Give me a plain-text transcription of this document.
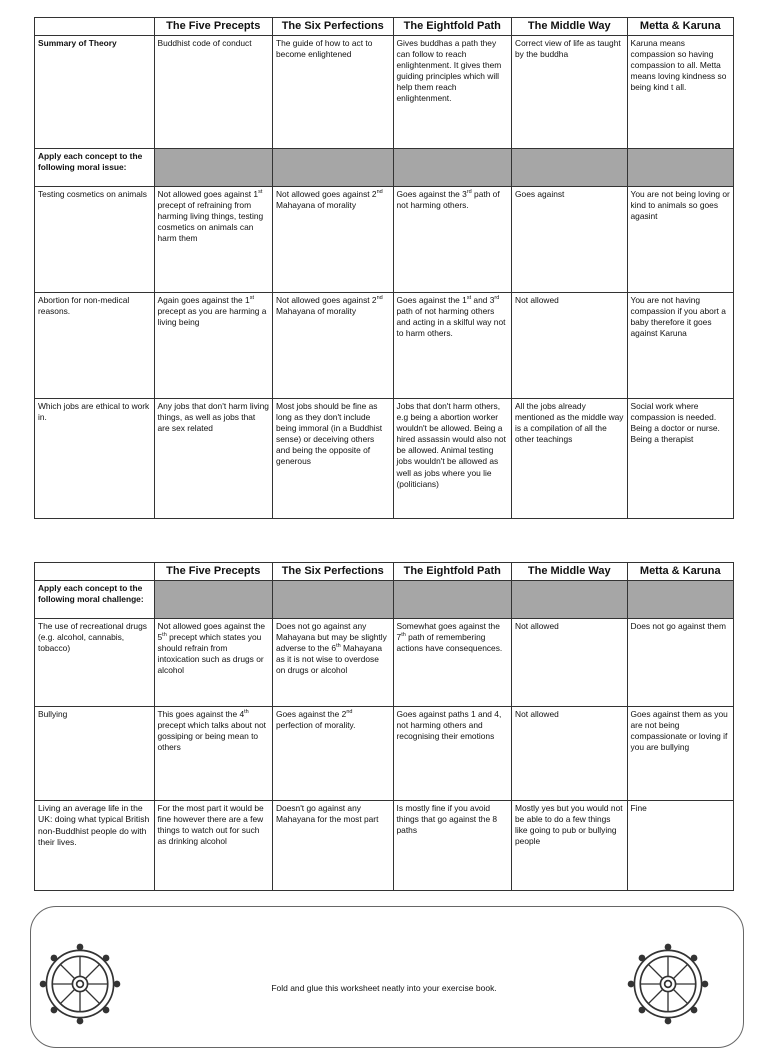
	The Five Precepts	The Six Perfections	The Eightfold Path	The Middle Way	Metta & Karuna
Summary of Theory	Buddhist code of conduct	The guide of how to act to become enlightened	Gives buddhas a path they can follow to reach enlightenment. It gives them guiding principles which will help them reach enlightenment.	Correct view of life as taught by the buddha	Karuna means compassion so having compassion to all. Metta means loving kindness so being kind t all.
Apply each concept to the following moral issue:					
Testing cosmetics on animals	Not allowed goes against 1st precept of refraining from harming living things, testing cosmetics on animals can harm them	Not allowed goes against 2nd Mahayana of morality	Goes against the 3rd path of not harming others.	Goes against	You are not being loving or kind to animals so goes agasint
Abortion for non-medical reasons.	Again goes against the 1st precept as you are harming a living being	Not allowed goes against 2nd Mahayana of morality	Goes against the 1st and 3rd path of not harming others and acting in a skilful way not to harm others.	Not allowed	You are not having compassion if you abort a baby therefore it goes against Karuna
Which jobs are ethical to work in.	Any jobs that don't harm living things, as well as jobs that are sex related	Most jobs should be fine as long as they don't include being immoral (in a Buddhist sense) or deceiving others and being the opposite of generous	Jobs that don't harm others, e.g being a abortion worker wouldn't be allowed. Being a hired assassin would also not be allowed. Animal testing jobs wouldn't be allowed as well as jobs where you lie (politicians)	All the jobs already mentioned as the middle way is a compilation of all the other teachings	Social work where compassion is needed. Being a doctor or nurse. Being a therapist
	The Five Precepts	The Six Perfections	The Eightfold Path	The Middle Way	Metta & Karuna
Apply each concept to the following moral challenge:					
The use of recreational drugs (e.g. alcohol, cannabis, tobacco)	Not allowed goes against the 5th precept which states you should refrain from intoxication such as drugs or alcohol	Does not go against any Mahayana but may be slightly adverse to the 6th Mahayana as it is not wise to overdose on drugs or alcohol	Somewhat goes against the 7th path of remembering actions have consequences.	Not allowed	Does not go against them
Bullying	This goes against the 4th precept which talks about not gossiping or being mean to others	Goes against the 2nd perfection of morality.	Goes against paths 1 and 4, not harming others and recognising their emotions	Not allowed	Goes against them as you are not being compassionate or loving if you are bullying
Living an average life in the UK: doing what typical British non-Buddhist people do with their lives.	For the most part it would be fine however there are a few things to watch out for such as drinking alcohol	Doesn't go against any Mahayana for the most part	Is mostly fine if you avoid things that go against the 8 paths	Mostly yes but you would not be able to do a few things like going to pub or bullying people	Fine
Fold and glue this worksheet neatly into your exercise book.
